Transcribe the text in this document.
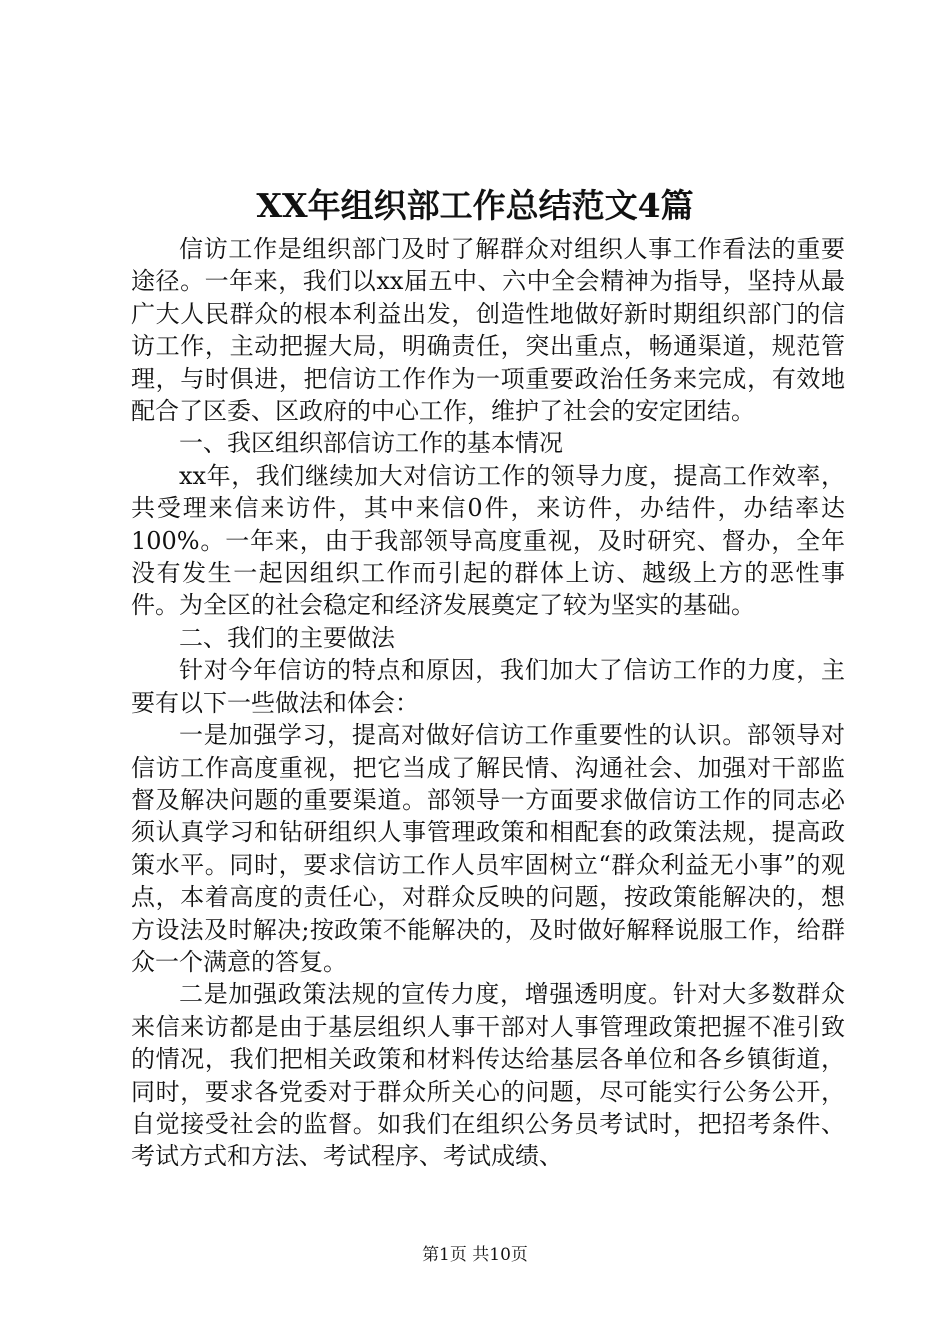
XX年组织部工作总结范文4篇

信访工作是组织部门及时了解群众对组织人事工作看法的重要途径。一年来，我们以xx届五中、六中全会精神为指导，坚持从最广大人民群众的根本利益出发，创造性地做好新时期组织部门的信访工作，主动把握大局，明确责任，突出重点，畅通渠道，规范管理，与时俱进，把信访工作作为一项重要政治任务来完成，有效地配合了区委、区政府的中心工作，维护了社会的安定团结。

一、我区组织部信访工作的基本情况

xx年，我们继续加大对信访工作的领导力度，提高工作效率，共受理来信来访件，其中来信0件，来访件，办结件，办结率达100%。一年来，由于我部领导高度重视，及时研究、督办，全年没有发生一起因组织工作而引起的群体上访、越级上方的恶性事件。为全区的社会稳定和经济发展奠定了较为坚实的基础。

二、我们的主要做法

针对今年信访的特点和原因，我们加大了信访工作的力度，主要有以下一些做法和体会：

一是加强学习，提高对做好信访工作重要性的认识。部领导对信访工作高度重视，把它当成了解民情、沟通社会、加强对干部监督及解决问题的重要渠道。部领导一方面要求做信访工作的同志必须认真学习和钻研组织人事管理政策和相配套的政策法规，提高政策水平。同时，要求信访工作人员牢固树立“群众利益无小事”的观点，本着高度的责任心，对群众反映的问题，按政策能解决的，想方设法及时解决;按政策不能解决的，及时做好解释说服工作，给群众一个满意的答复。

二是加强政策法规的宣传力度，增强透明度。针对大多数群众来信来访都是由于基层组织人事干部对人事管理政策把握不准引致的情况，我们把相关政策和材料传达给基层各单位和各乡镇街道，同时，要求各党委对于群众所关心的问题，尽可能实行公务公开，自觉接受社会的监督。如我们在组织公务员考试时，把招考条件、考试方式和方法、考试程序、考试成绩、

第1页 共10页
